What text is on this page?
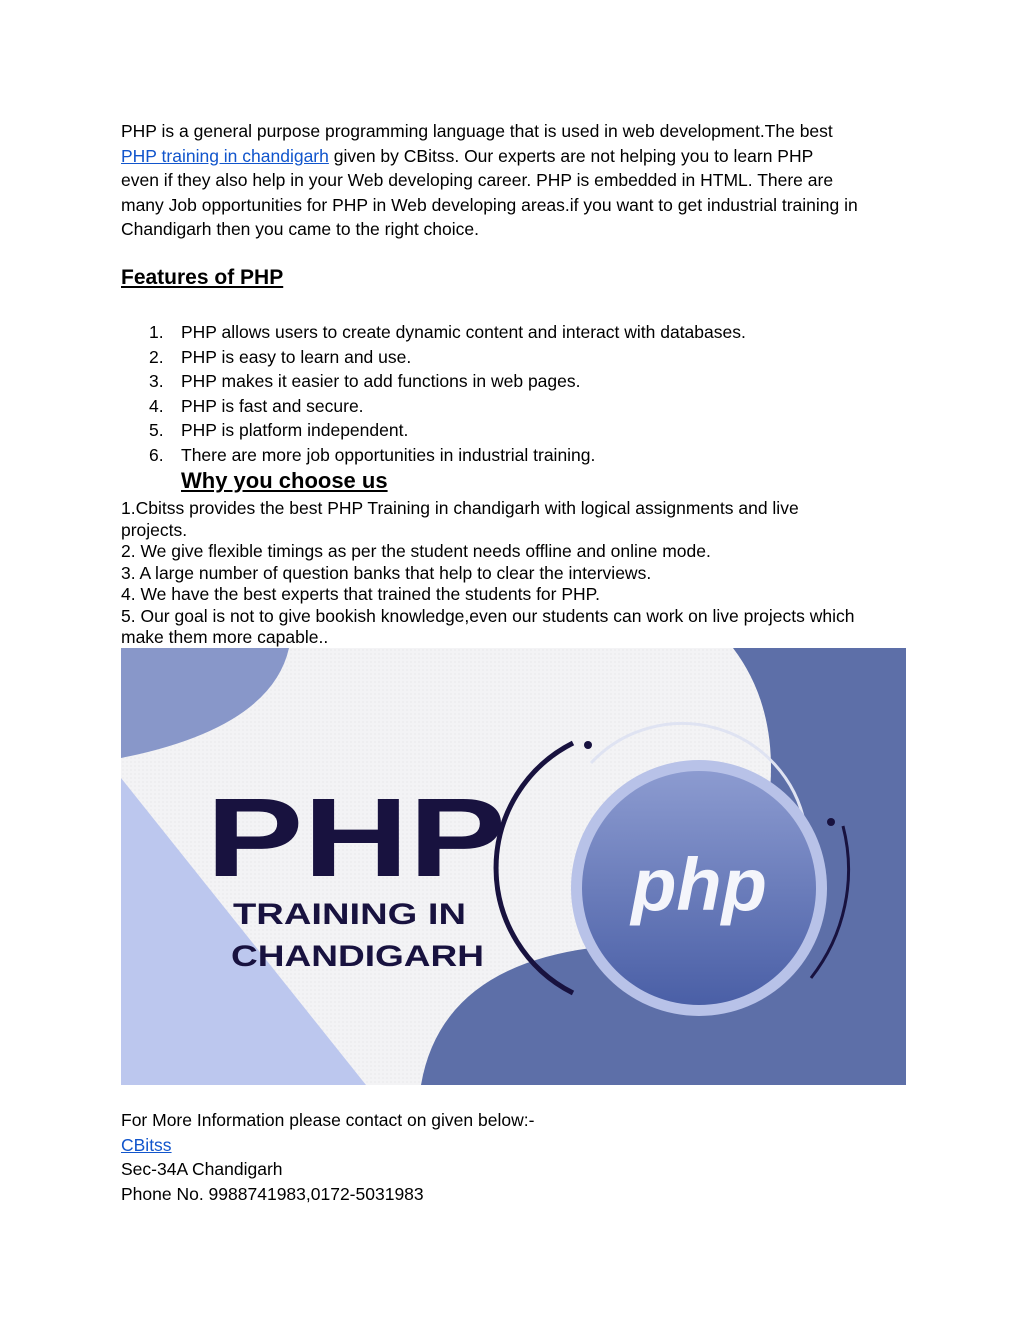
PHP is a general purpose programming language that is used in web development.The best
PHP training in chandigarh given by CBitss. Our experts are not helping you to learn PHP
even if they also help in your Web developing career. PHP is embedded in HTML. There are
many Job opportunities for PHP in Web developing areas.if you want to get industrial training in
Chandigarh then you came to the right choice.
Features of PHP
1. PHP allows users to create dynamic content and interact with databases.
2. PHP is easy to learn and use.
3. PHP makes it easier to add functions in web pages.
4. PHP is fast and secure.
5. PHP is platform independent.
6. There are more job opportunities in industrial training.
Why you choose us
1.Cbitss provides the best PHP Training in chandigarh with logical assignments and live
projects.
2. We give flexible timings as per the student needs offline and online mode.
3. A large number of question banks that help to clear the interviews.
4. We have the best experts that trained the students for PHP.
5. Our goal is not to give bookish knowledge,even our students can work on live projects which
make them more capable..
php
PHP
TRAINING IN
CHANDIGARH
For More Information please contact on given below:-
CBitss
Sec-34A Chandigarh
Phone No. 9988741983,0172-5031983
